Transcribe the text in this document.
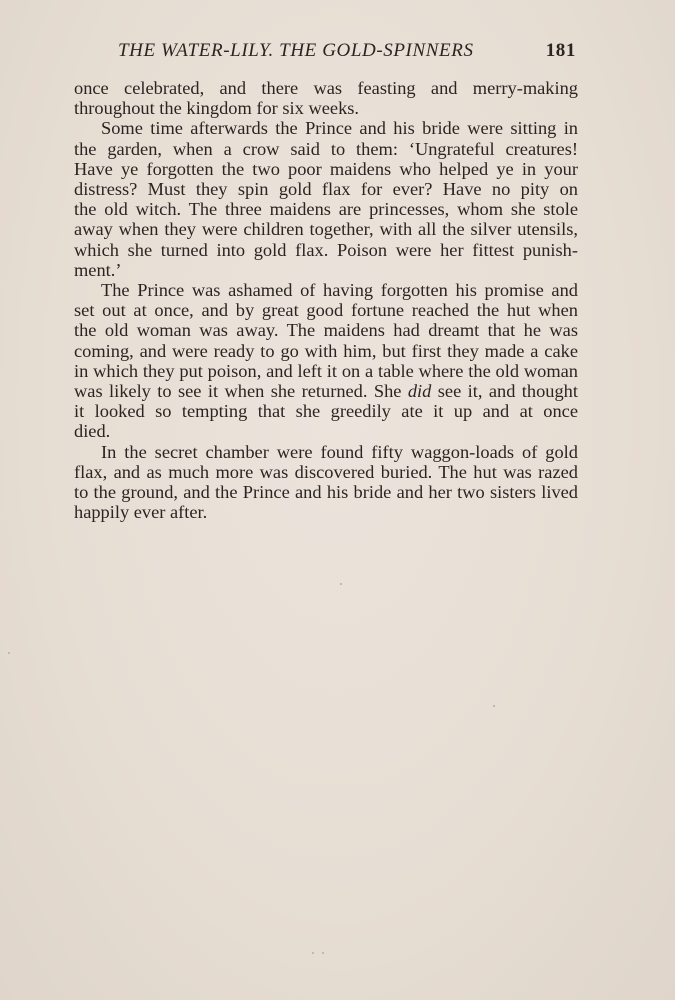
THE WATER-LILY. THE GOLD-SPINNERS	181

once celebrated, and there was feasting and merry-making
throughout the kingdom for six weeks.

Some time afterwards the Prince and his bride were sitting in
the garden, when a crow said to them: ‘Ungrateful creatures!
Have ye forgotten the two poor maidens who helped ye in your
distress? Must they spin gold flax for ever? Have no pity on
the old witch. The three maidens are princesses, whom she stole
away when they were children together, with all the silver utensils,
which she turned into gold flax. Poison were her fittest punish-
ment.’

The Prince was ashamed of having forgotten his promise and
set out at once, and by great good fortune reached the hut when
the old woman was away. The maidens had dreamt that he was
coming, and were ready to go with him, but first they made a cake
in which they put poison, and left it on a table where the old woman
was likely to see it when she returned. She did see it, and thought
it looked so tempting that she greedily ate it up and at once
died.

In the secret chamber were found fifty waggon-loads of gold
flax, and as much more was discovered buried. The hut was razed
to the ground, and the Prince and his bride and her two sisters lived
happily ever after.
